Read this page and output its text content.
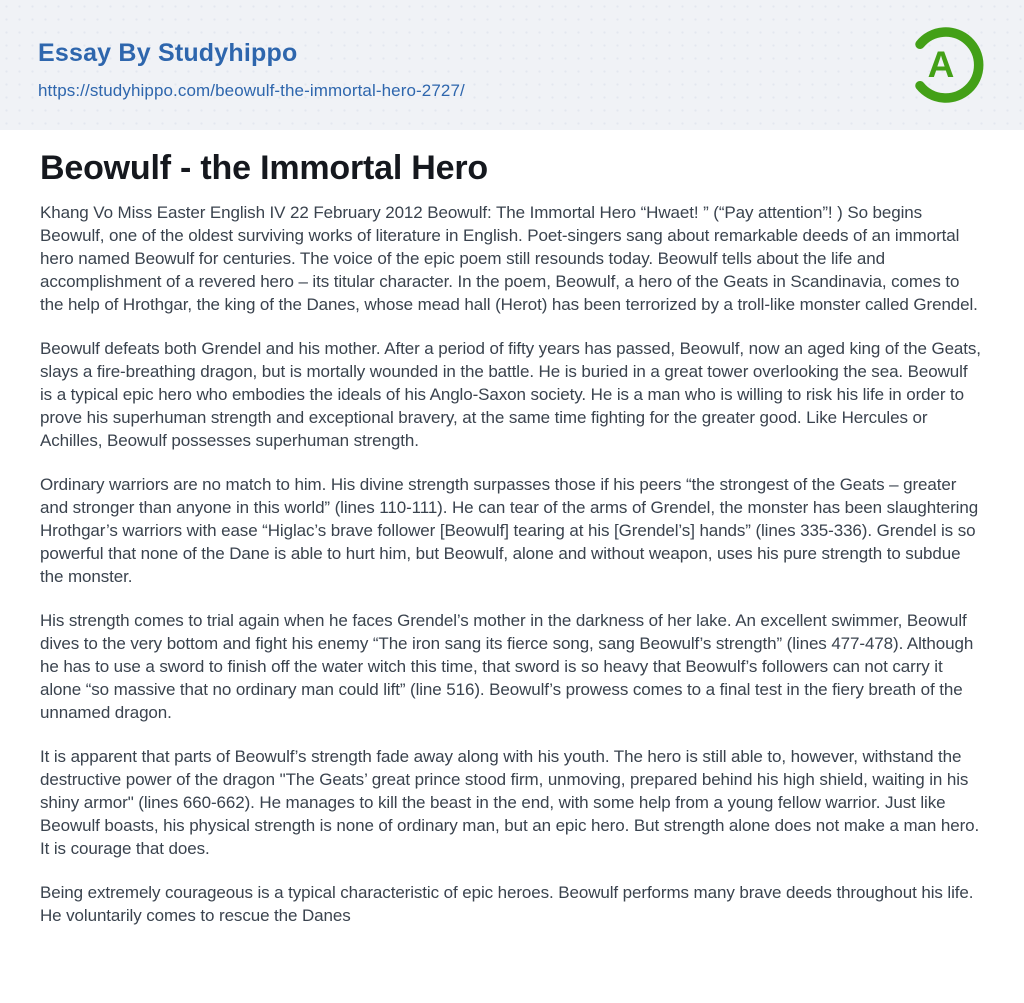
Essay By Studyhippo
https://studyhippo.com/beowulf-the-immortal-hero-2727/
A
Beowulf - the Immortal Hero

Khang Vo Miss Easter English IV 22 February 2012 Beowulf: The Immortal Hero “Hwaet! ” (“Pay attention”! ) So begins Beowulf, one of the oldest surviving works of literature in English. Poet-singers sang about remarkable deeds of an immortal hero named Beowulf for centuries. The voice of the epic poem still resounds today. Beowulf tells about the life and accomplishment of a revered hero – its titular character. In the poem, Beowulf, a hero of the Geats in Scandinavia, comes to the help of Hrothgar, the king of the Danes, whose mead hall (Herot) has been terrorized by a troll-like monster called Grendel.

Beowulf defeats both Grendel and his mother. After a period of fifty years has passed, Beowulf, now an aged king of the Geats, slays a fire-breathing dragon, but is mortally wounded in the battle. He is buried in a great tower overlooking the sea. Beowulf is a typical epic hero who embodies the ideals of his Anglo-Saxon society. He is a man who is willing to risk his life in order to prove his superhuman strength and exceptional bravery, at the same time fighting for the greater good. Like Hercules or Achilles, Beowulf possesses superhuman strength.

Ordinary warriors are no match to him. His divine strength surpasses those if his peers “the strongest of the Geats – greater and stronger than anyone in this world” (lines 110-111). He can tear of the arms of Grendel, the monster has been slaughtering Hrothgar’s warriors with ease “Higlac’s brave follower [Beowulf] tearing at his [Grendel’s] hands” (lines 335-336). Grendel is so powerful that none of the Dane is able to hurt him, but Beowulf, alone and without weapon, uses his pure strength to subdue the monster.

His strength comes to trial again when he faces Grendel’s mother in the darkness of her lake. An excellent swimmer, Beowulf dives to the very bottom and fight his enemy “The iron sang its fierce song, sang Beowulf’s strength” (lines 477-478). Although he has to use a sword to finish off the water witch this time, that sword is so heavy that Beowulf’s followers can not carry it alone “so massive that no ordinary man could lift” (line 516). Beowulf’s prowess comes to a final test in the fiery breath of the unnamed dragon.

It is apparent that parts of Beowulf’s strength fade away along with his youth. The hero is still able to, however, withstand the destructive power of the dragon "The Geats’ great prince stood firm, unmoving, prepared behind his high shield, waiting in his shiny armor" (lines 660-662). He manages to kill the beast in the end, with some help from a young fellow warrior. Just like Beowulf boasts, his physical strength is none of ordinary man, but an epic hero. But strength alone does not make a man hero. It is courage that does.

Being extremely courageous is a typical characteristic of epic heroes. Beowulf performs many brave deeds throughout his life. He voluntarily comes to rescue the Danes
